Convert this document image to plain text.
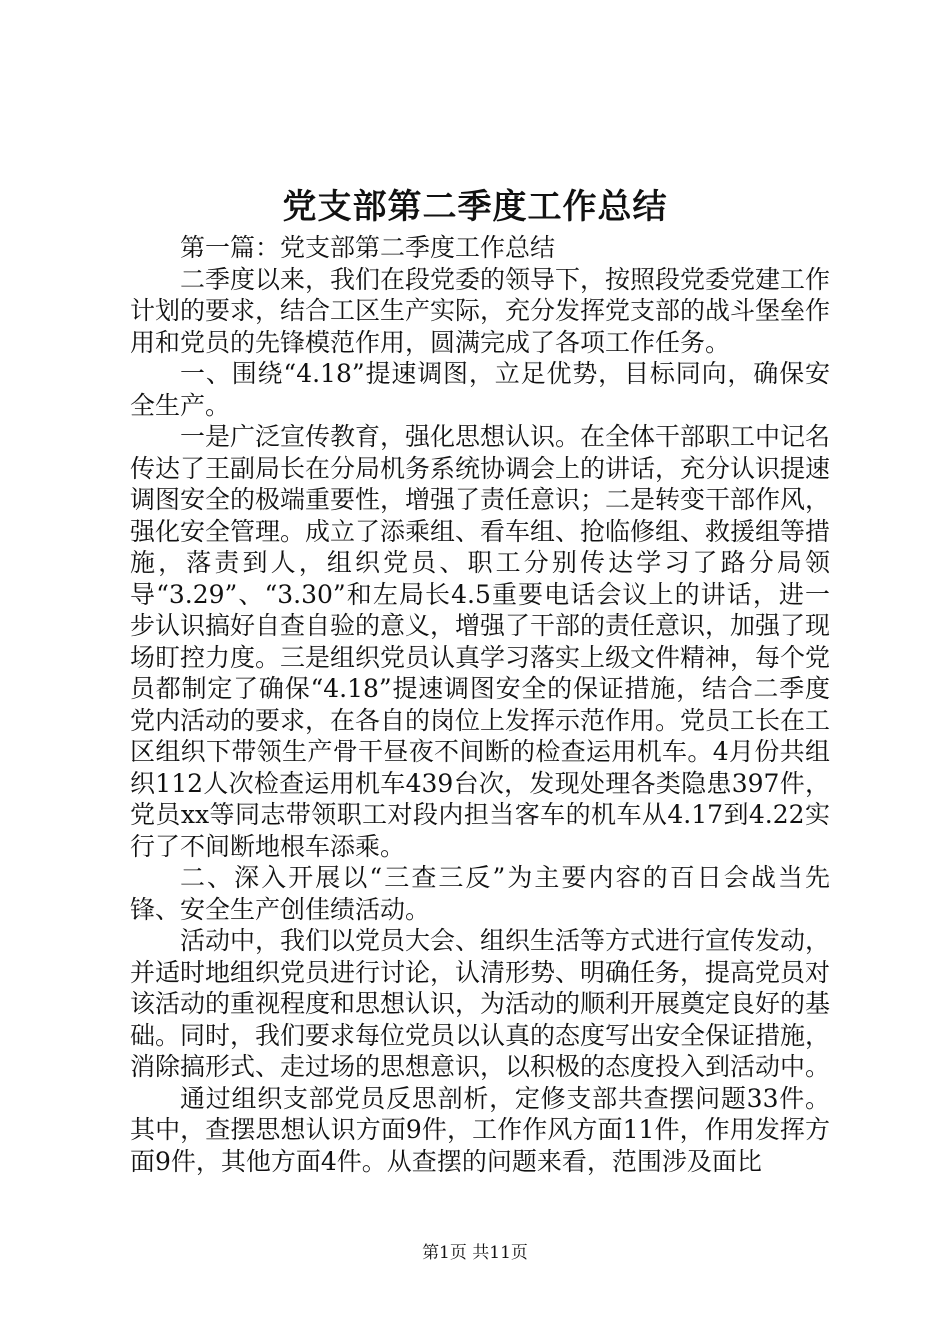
党支部第二季度工作总结

第一篇：党支部第二季度工作总结

二季度以来，我们在段党委的领导下，按照段党委党建工作计划的要求，结合工区生产实际，充分发挥党支部的战斗堡垒作用和党员的先锋模范作用，圆满完成了各项工作任务。

一、围绕“4.18”提速调图，立足优势，目标同向，确保安全生产。

一是广泛宣传教育，强化思想认识。在全体干部职工中记名传达了王副局长在分局机务系统协调会上的讲话，充分认识提速调图安全的极端重要性，增强了责任意识；二是转变干部作风，强化安全管理。成立了添乘组、看车组、抢临修组、救援组等措施，落责到人，组织党员、职工分别传达学习了路分局领导“3.29”、“3.30”和左局长4.5重要电话会议上的讲话，进一步认识搞好自查自验的意义，增强了干部的责任意识，加强了现场盯控力度。三是组织党员认真学习落实上级文件精神，每个党员都制定了确保“4.18”提速调图安全的保证措施，结合二季度党内活动的要求，在各自的岗位上发挥示范作用。党员工长在工区组织下带领生产骨干昼夜不间断的检查运用机车。4月份共组织112人次检查运用机车439台次，发现处理各类隐患397件，党员xx等同志带领职工对段内担当客车的机车从4.17到4.22实行了不间断地根车添乘。

二、深入开展以“三查三反”为主要内容的百日会战当先锋、安全生产创佳绩活动。

活动中，我们以党员大会、组织生活等方式进行宣传发动，并适时地组织党员进行讨论，认清形势、明确任务，提高党员对该活动的重视程度和思想认识，为活动的顺利开展奠定良好的基础。同时，我们要求每位党员以认真的态度写出安全保证措施，消除搞形式、走过场的思想意识，以积极的态度投入到活动中。

通过组织支部党员反思剖析，定修支部共查摆问题33件。其中，查摆思想认识方面9件，工作作风方面11件，作用发挥方面9件，其他方面4件。从查摆的问题来看，范围涉及面比

第1页 共11页
